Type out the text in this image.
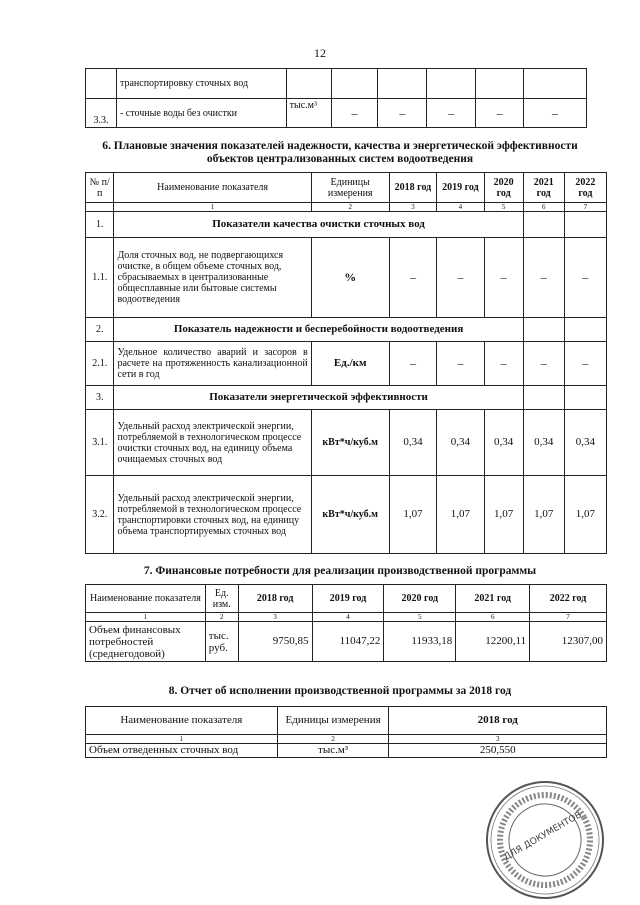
12
	транспортировку сточных вод						
3.3.	- сточные воды без очистки	тыс.м³	–	–	–	–	–
6. Плановые значения показателей надежности, качества и энергетической эффективности объектов централизованных систем водоотведения
№ п/п	Наименование показателя	Единицы измерения	2018 год	2019 год	2020 год	2021 год	2022 год
	1	2	3	4	5	6	7
1.	Показатели качества очистки сточных вод						
1.1.	Доля сточных вод, не подвергающихся очистке, в общем объеме сточных вод, сбрасываемых в централизованные общесплавные или бытовые системы водоотведения	%	–	–	–	–	–
2.	Показатель надежности и бесперебойности водоотведения						
2.1.	Удельное количество аварий и засоров в расчете на протяженность канализационной сети в год	Ед./км	–	–	–	–	–
3.	Показатели энергетической эффективности						
3.1.	Удельный расход электрической энергии, потребляемой в технологическом процессе очистки сточных вод, на единицу объема очищаемых сточных вод	кВт*ч/куб.м	0,34	0,34	0,34	0,34	0,34
3.2.	Удельный расход электрической энергии, потребляемой в технологическом процессе транспортировки сточных вод, на единицу объема транспортируемых сточных вод	кВт*ч/куб.м	1,07	1,07	1,07	1,07	1,07
7. Финансовые потребности для реализации производственной программы
Наименование показателя	Ед. изм.	2018 год	2019 год	2020 год	2021 год	2022 год
1	2	3	4	5	6	7
Объем финансовых потребностей (среднегодовой)	тыс. руб.	9750,85	11047,22	11933,18	12200,11	12307,00
8. Отчет об исполнении производственной программы за 2018 год
Наименование показателя	Единицы измерения	2018 год
1	2	3
Объем отведенных сточных вод	тыс.м³	250,550
ДЛЯ ДОКУМЕНТОВ
